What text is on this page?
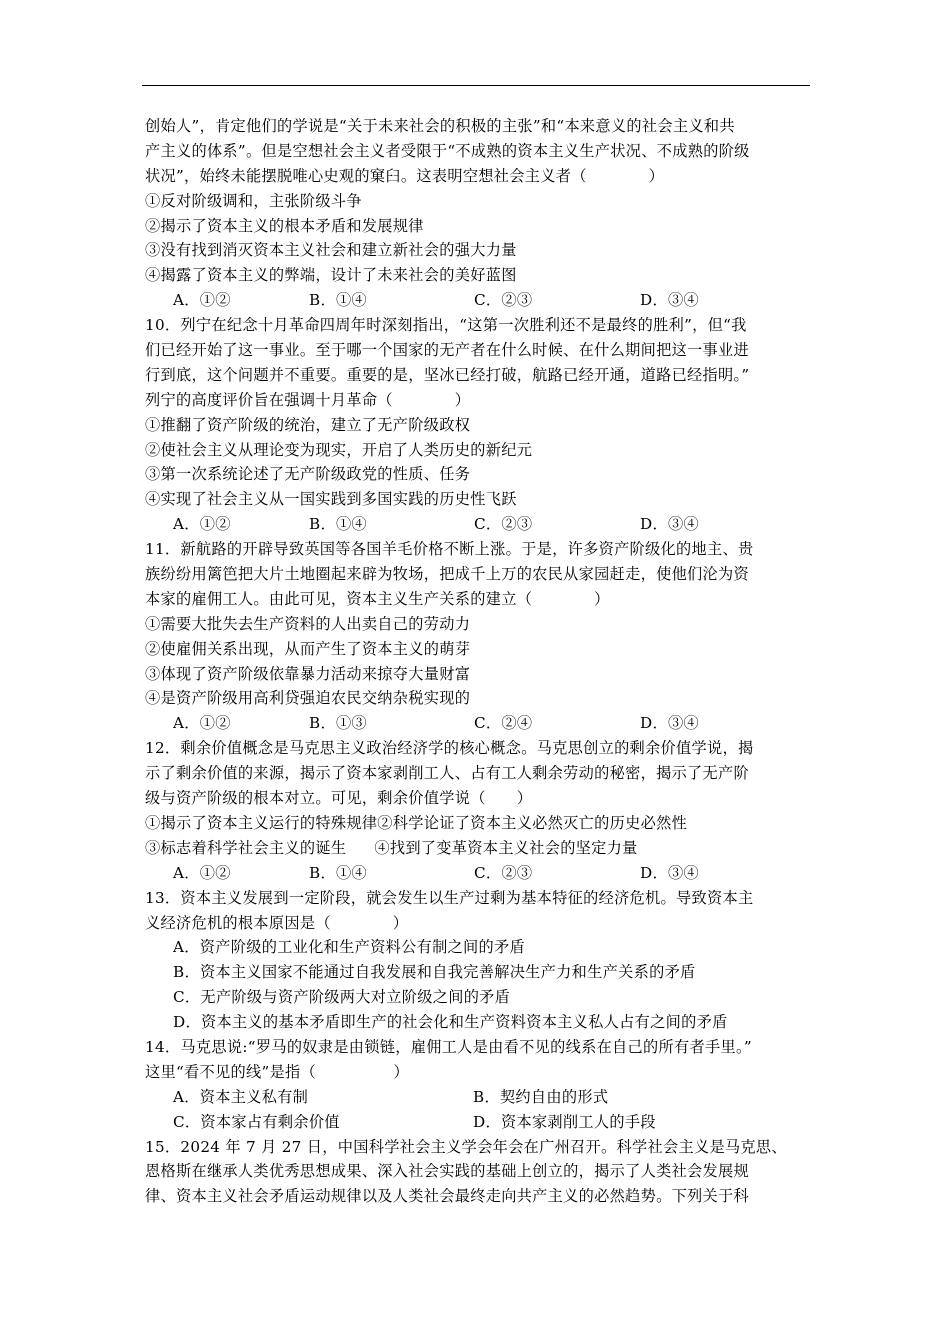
创始人”，肯定他们的学说是“关于未来社会的积极的主张”和“本来意义的社会主义和共
产主义的体系”。但是空想社会主义者受限于“不成熟的资本主义生产状况、不成熟的阶级
状况”，始终未能摆脱唯心史观的窠臼。这表明空想社会主义者（　　　　）
①反对阶级调和，主张阶级斗争
②揭示了资本主义的根本矛盾和发展规律
③没有找到消灭资本主义社会和建立新社会的强大力量
④揭露了资本主义的弊端，设计了未来社会的美好蓝图
A．①②	B．①④	C．②③	D．③④
10．列宁在纪念十月革命四周年时深刻指出，“这第一次胜利还不是最终的胜利”，但“我
们已经开始了这一事业。至于哪一个国家的无产者在什么时候、在什么期间把这一事业进
行到底，这个问题并不重要。重要的是，坚冰已经打破，航路已经开通，道路已经指明。”
列宁的高度评价旨在强调十月革命（　　　　）
①推翻了资产阶级的统治，建立了无产阶级政权
②使社会主义从理论变为现实，开启了人类历史的新纪元
③第一次系统论述了无产阶级政党的性质、任务
④实现了社会主义从一国实践到多国实践的历史性飞跃
A．①②	B．①④	C．②③	D．③④
11．新航路的开辟导致英国等各国羊毛价格不断上涨。于是，许多资产阶级化的地主、贵
族纷纷用篱笆把大片土地圈起来辟为牧场，把成千上万的农民从家园赶走，使他们沦为资
本家的雇佣工人。由此可见，资本主义生产关系的建立（　　　　）
①需要大批失去生产资料的人出卖自己的劳动力
②使雇佣关系出现，从而产生了资本主义的萌芽
③体现了资产阶级依靠暴力活动来掠夺大量财富
④是资产阶级用高利贷强迫农民交纳杂税实现的
A．①②	B．①③	C．②④	D．③④
12．剩余价值概念是马克思主义政治经济学的核心概念。马克思创立的剩余价值学说，揭
示了剩余价值的来源，揭示了资本家剥削工人、占有工人剩余劳动的秘密，揭示了无产阶
级与资产阶级的根本对立。可见，剩余价值学说（　　）
①揭示了资本主义运行的特殊规律②科学论证了资本主义必然灭亡的历史必然性
③标志着科学社会主义的诞生 ④找到了变革资本主义社会的坚定力量
A．①②	B．①④	C．②③	D．③④
13．资本主义发展到一定阶段，就会发生以生产过剩为基本特征的经济危机。导致资本主
义经济危机的根本原因是（　　　　）
A．资产阶级的工业化和生产资料公有制之间的矛盾
B．资本主义国家不能通过自我发展和自我完善解决生产力和生产关系的矛盾
C．无产阶级与资产阶级两大对立阶级之间的矛盾
D．资本主义的基本矛盾即生产的社会化和生产资料资本主义私人占有之间的矛盾
14．马克思说:“罗马的奴隶是由锁链，雇佣工人是由看不见的线系在自己的所有者手里。”
这里“看不见的线”是指（　　　　　）
A．资本主义私有制	B．契约自由的形式
C．资本家占有剩余价值	D．资本家剥削工人的手段
15．2024 年 7 月 27 日，中国科学社会主义学会年会在广州召开。科学社会主义是马克思、
恩格斯在继承人类优秀思想成果、深入社会实践的基础上创立的，揭示了人类社会发展规
律、资本主义社会矛盾运动规律以及人类社会最终走向共产主义的必然趋势。下列关于科
